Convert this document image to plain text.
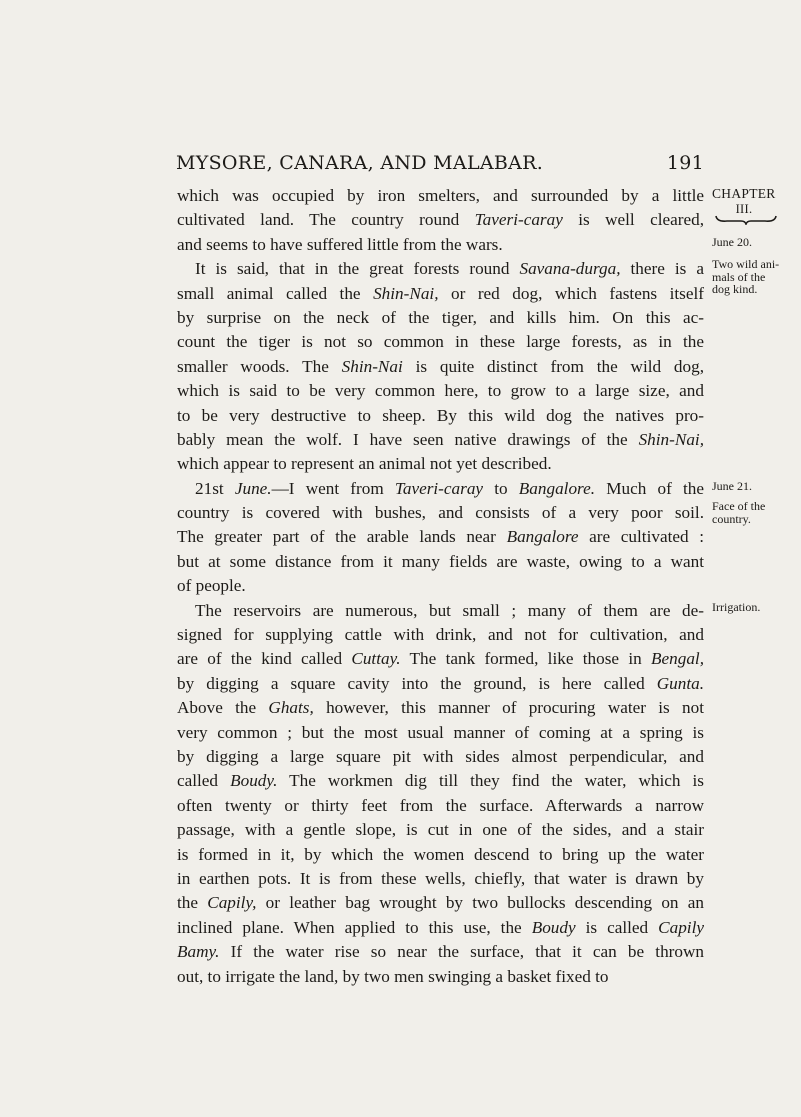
MYSORE, CANARA, AND MALABAR.	191
which was occupied by iron smelters, and surrounded by a little
cultivated land. The country round Taveri-caray is well cleared,
and seems to have suffered little from the wars.
It is said, that in the great forests round Savana-durga, there is a
small animal called the Shin-Nai, or red dog, which fastens itself
by surprise on the neck of the tiger, and kills him. On this ac-
count the tiger is not so common in these large forests, as in the
smaller woods. The Shin-Nai is quite distinct from the wild dog,
which is said to be very common here, to grow to a large size, and
to be very destructive to sheep. By this wild dog the natives pro-
bably mean the wolf. I have seen native drawings of the Shin-Nai,
which appear to represent an animal not yet described.
21st June.—I went from Taveri-caray to Bangalore. Much of the
country is covered with bushes, and consists of a very poor soil.
The greater part of the arable lands near Bangalore are cultivated :
but at some distance from it many fields are waste, owing to a want
of people.
The reservoirs are numerous, but small ; many of them are de-
signed for supplying cattle with drink, and not for cultivation, and
are of the kind called Cuttay. The tank formed, like those in Bengal,
by digging a square cavity into the ground, is here called Gunta.
Above the Ghats, however, this manner of procuring water is not
very common ; but the most usual manner of coming at a spring is
by digging a large square pit with sides almost perpendicular, and
called Boudy. The workmen dig till they find the water, which is
often twenty or thirty feet from the surface. Afterwards a narrow
passage, with a gentle slope, is cut in one of the sides, and a stair
is formed in it, by which the women descend to bring up the water
in earthen pots. It is from these wells, chiefly, that water is drawn by
the Capily, or leather bag wrought by two bullocks descending on an
inclined plane. When applied to this use, the Boudy is called Capily
Bamy. If the water rise so near the surface, that it can be thrown
out, to irrigate the land, by two men swinging a basket fixed to
CHAPTER
III.
June 20.
Two wild ani-
mals of the
dog kind.
June 21.
Face of the
country.
Irrigation.
